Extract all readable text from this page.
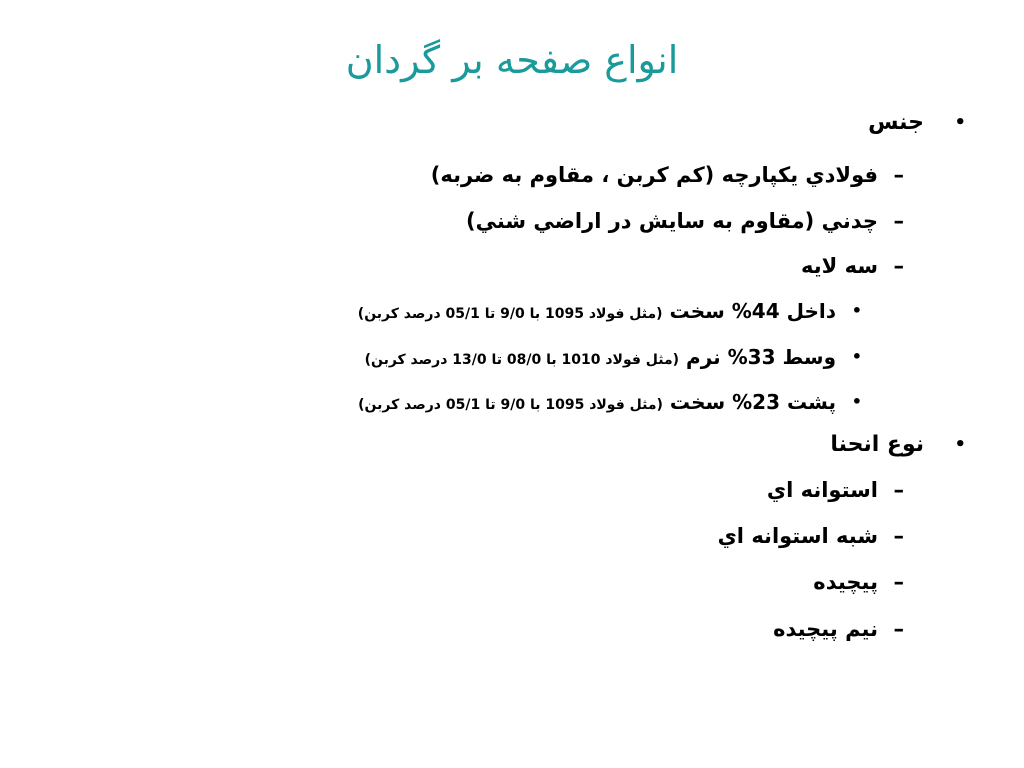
انواع صفحه بر گردان
•
جنس
–
فولادي يكپارچه (كم كربن ، مقاوم به ضربه)
–
چدني (مقاوم به سايش در اراضي شني)
–
سه لايه
•
داخل 44% سخت (مثل فولاد 1095 با 9/0 تا 05/1 درصد كربن)
•
وسط 33% نرم (مثل فولاد 1010 با 08/0 تا 13/0 درصد كربن)
•
پشت 23% سخت (مثل فولاد 1095 با 9/0 تا 05/1 درصد كربن)
•
نوع انحنا
–
استوانه اي
–
شبه استوانه اي
–
پيچيده
–
نيم پيچيده
